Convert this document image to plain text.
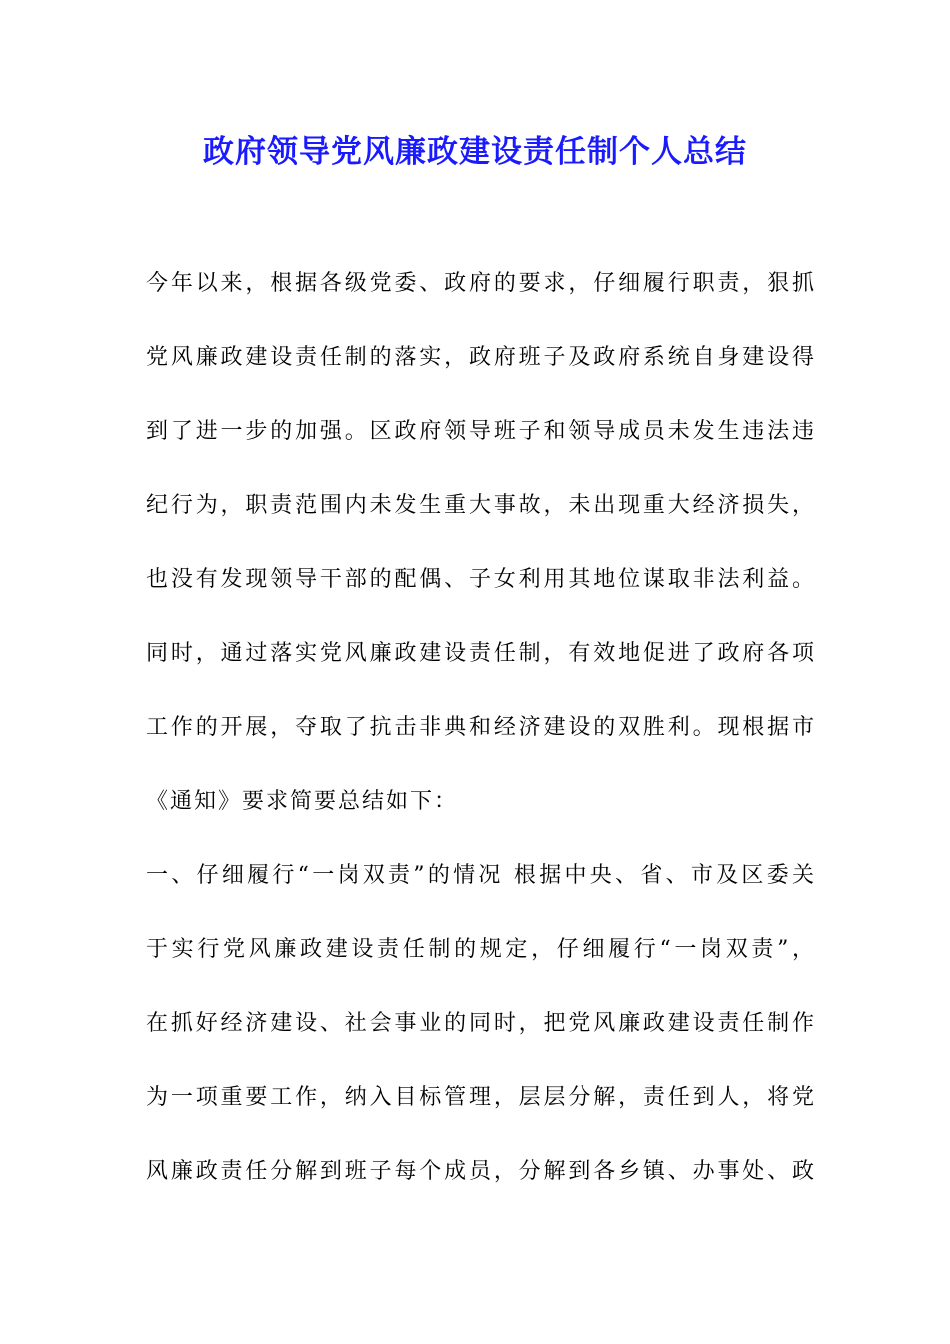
政府领导党风廉政建设责任制个人总结
今年以来，根据各级党委、政府的要求，仔细履行职责，狠抓
党风廉政建设责任制的落实，政府班子及政府系统自身建设得
到了进一步的加强。区政府领导班子和领导成员未发生违法违
纪行为，职责范围内未发生重大事故，未出现重大经济损失，
也没有发现领导干部的配偶、子女利用其地位谋取非法利益。
同时，通过落实党风廉政建设责任制，有效地促进了政府各项
工作的开展，夺取了抗击非典和经济建设的双胜利。现根据市
《通知》要求简要总结如下：
一、仔细履行“一岗双责”的情况 根据中央、省、市及区委关
于实行党风廉政建设责任制的规定，仔细履行“一岗双责”，
在抓好经济建设、社会事业的同时，把党风廉政建设责任制作
为一项重要工作，纳入目标管理，层层分解，责任到人，将党
风廉政责任分解到班子每个成员，分解到各乡镇、办事处、政
